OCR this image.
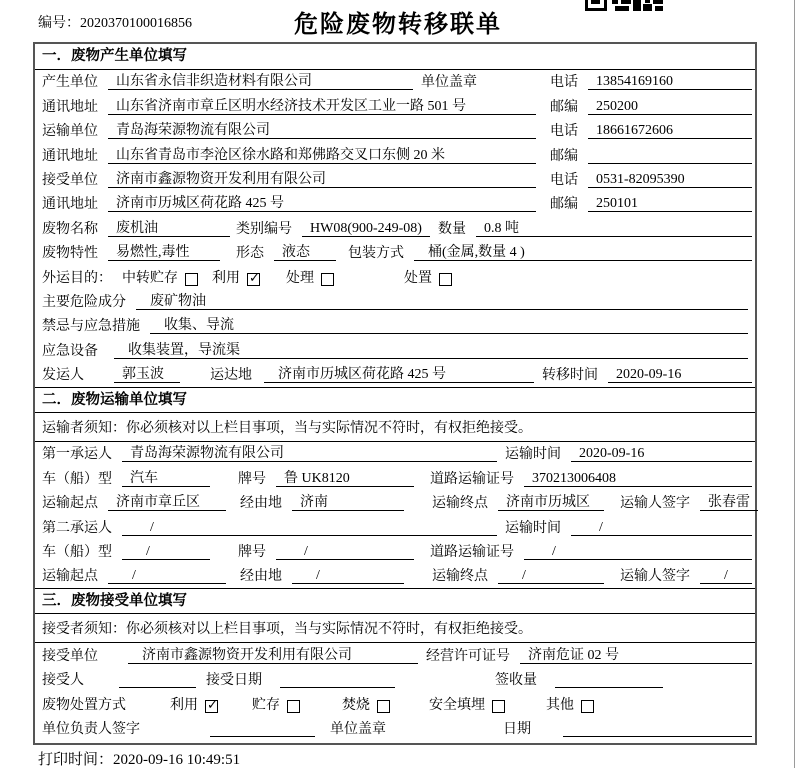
编号：2020370100016856	危险废物转移联单
一．废物产生单位填写
产生单位	山东省永信非织造材料有限公司	单位盖章	电话	13854169160
通讯地址	山东省济南市章丘区明水经济技术开发区工业一路 501 号	邮编	250200
运输单位	青岛海荣源物流有限公司	电话	18661672606
通讯地址	山东省青岛市李沧区徐水路和郑佛路交叉口东侧 20 米	邮编
接受单位	济南市鑫源物资开发利用有限公司	电话	0531-82095390
通讯地址	济南市历城区荷花路 425 号	邮编	250101
废物名称	废机油	类别编号	HW08(900-249-08)	数量	0.8 吨
废物特性	易燃性,毒性	形态	液态	包装方式	桶(金属,数量 4 )
外运目的： 中转贮存 利用 ✓	处理	处置
主要危险成分	废矿物油
禁忌与应急措施	收集、导流
应急设备	收集装置，导流渠
发运人	郭玉波	运达地	济南市历城区荷花路 425 号	转移时间	2020-09-16
二．废物运输单位填写
运输者须知：你必须核对以上栏目事项，当与实际情况不符时，有权拒绝接受。
第一承运人	青岛海荣源物流有限公司	运输时间	2020-09-16
车（船）型	汽车	牌号	鲁 UK8120	道路运输证号	370213006408
运输起点	济南市章丘区	经由地	济南	运输终点	济南市历城区	运输人签字	张春雷
第二承运人	/	运输时间	/
车（船）型	/	牌号	/	道路运输证号	/
运输起点	/	经由地	/	运输终点	/	运输人签字	/
三．废物接受单位填写
接受者须知：你必须核对以上栏目事项，当与实际情况不符时，有权拒绝接受。
接受单位	济南市鑫源物资开发利用有限公司	经营许可证号	济南危证 02 号
接受人	接受日期	签收量
废物处置方式	利用 ✓	贮存	焚烧	安全填埋	其他
单位负责人签字	单位盖章	日期
打印时间：2020-09-16 10:49:51
